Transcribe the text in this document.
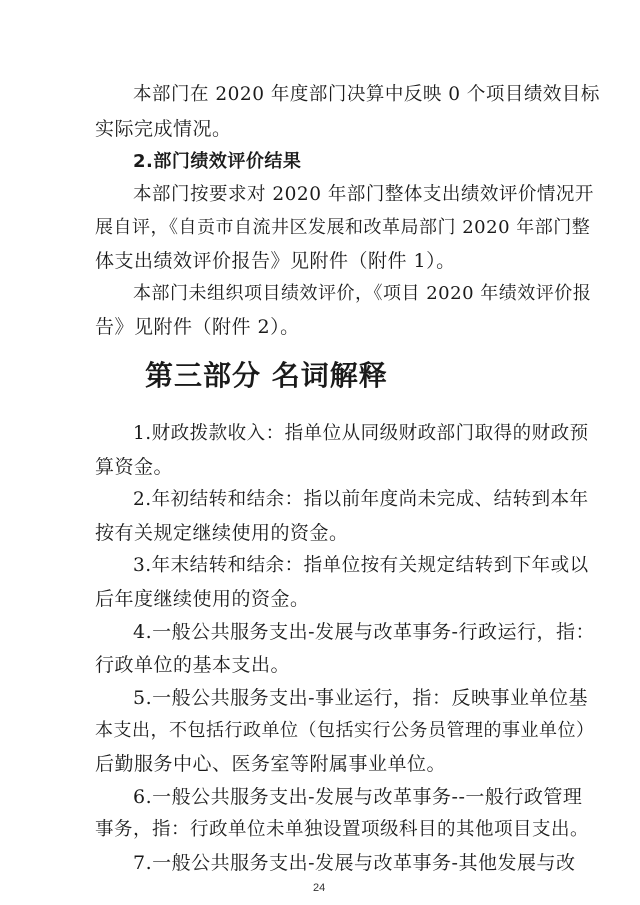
本部门在 2020 年度部门决算中反映 0 个项目绩效目标
实际完成情况。
2.部门绩效评价结果
本部门按要求对 2020 年部门整体支出绩效评价情况开
展自评，《自贡市自流井区发展和改革局部门 2020 年部门整
体支出绩效评价报告》见附件（附件 1）。
本部门未组织项目绩效评价，《项目 2020 年绩效评价报
告》见附件（附件 2）。
第三部分 名词解释
1.财政拨款收入：指单位从同级财政部门取得的财政预
算资金。
2.年初结转和结余：指以前年度尚未完成、结转到本年
按有关规定继续使用的资金。
3.年末结转和结余：指单位按有关规定结转到下年或以
后年度继续使用的资金。
4.一般公共服务支出-发展与改革事务-行政运行，指：
行政单位的基本支出。
5.一般公共服务支出-事业运行，指：反映事业单位基
本支出，不包括行政单位（包括实行公务员管理的事业单位）
后勤服务中心、医务室等附属事业单位。
6.一般公共服务支出-发展与改革事务--一般行政管理
事务，指：行政单位未单独设置项级科目的其他项目支出。
7.一般公共服务支出-发展与改革事务-其他发展与改
24
